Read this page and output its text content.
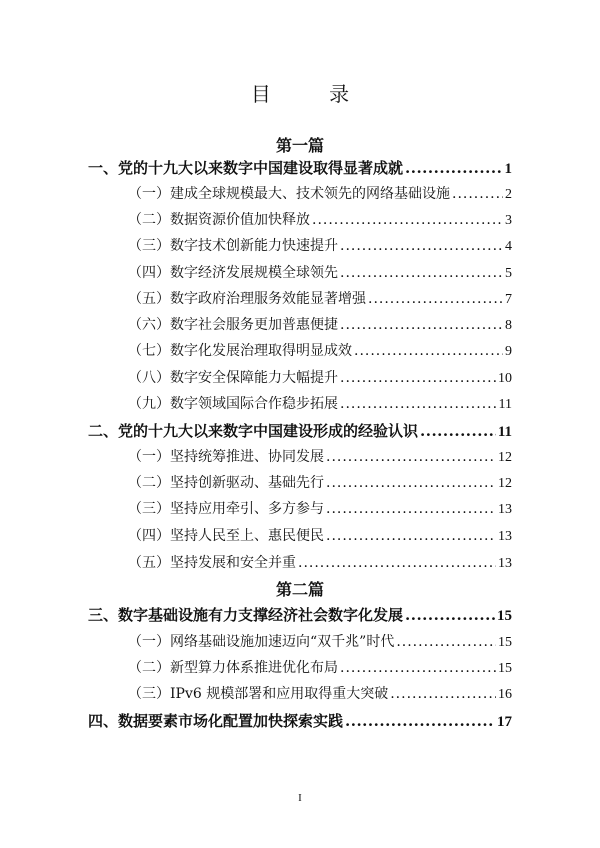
目 录
第一篇
一、党的十九大以来数字中国建设取得显著成就 .....	1
（一）建成全球规模最大、技术领先的网络基础设施 .....	2
（二）数据资源价值加快释放 .....	3
（三）数字技术创新能力快速提升 .....	4
（四）数字经济发展规模全球领先 .....	5
（五）数字政府治理服务效能显著增强 .....	7
（六）数字社会服务更加普惠便捷 .....	8
（七）数字化发展治理取得明显成效 .....	9
（八）数字安全保障能力大幅提升 .....	10
（九）数字领域国际合作稳步拓展 .....	11
二、党的十九大以来数字中国建设形成的经验认识 .....	11
（一）坚持统筹推进、协同发展 .....	12
（二）坚持创新驱动、基础先行 .....	12
（三）坚持应用牵引、多方参与 .....	13
（四）坚持人民至上、惠民便民 .....	13
（五）坚持发展和安全并重 .....	13
第二篇
三、数字基础设施有力支撑经济社会数字化发展 .....	15
（一）网络基础设施加速迈向“双千兆”时代 .....	15
（二）新型算力体系推进优化布局 .....	15
（三）IPv6 规模部署和应用取得重大突破 .....	16
四、数据要素市场化配置加快探索实践 .....	17
I
